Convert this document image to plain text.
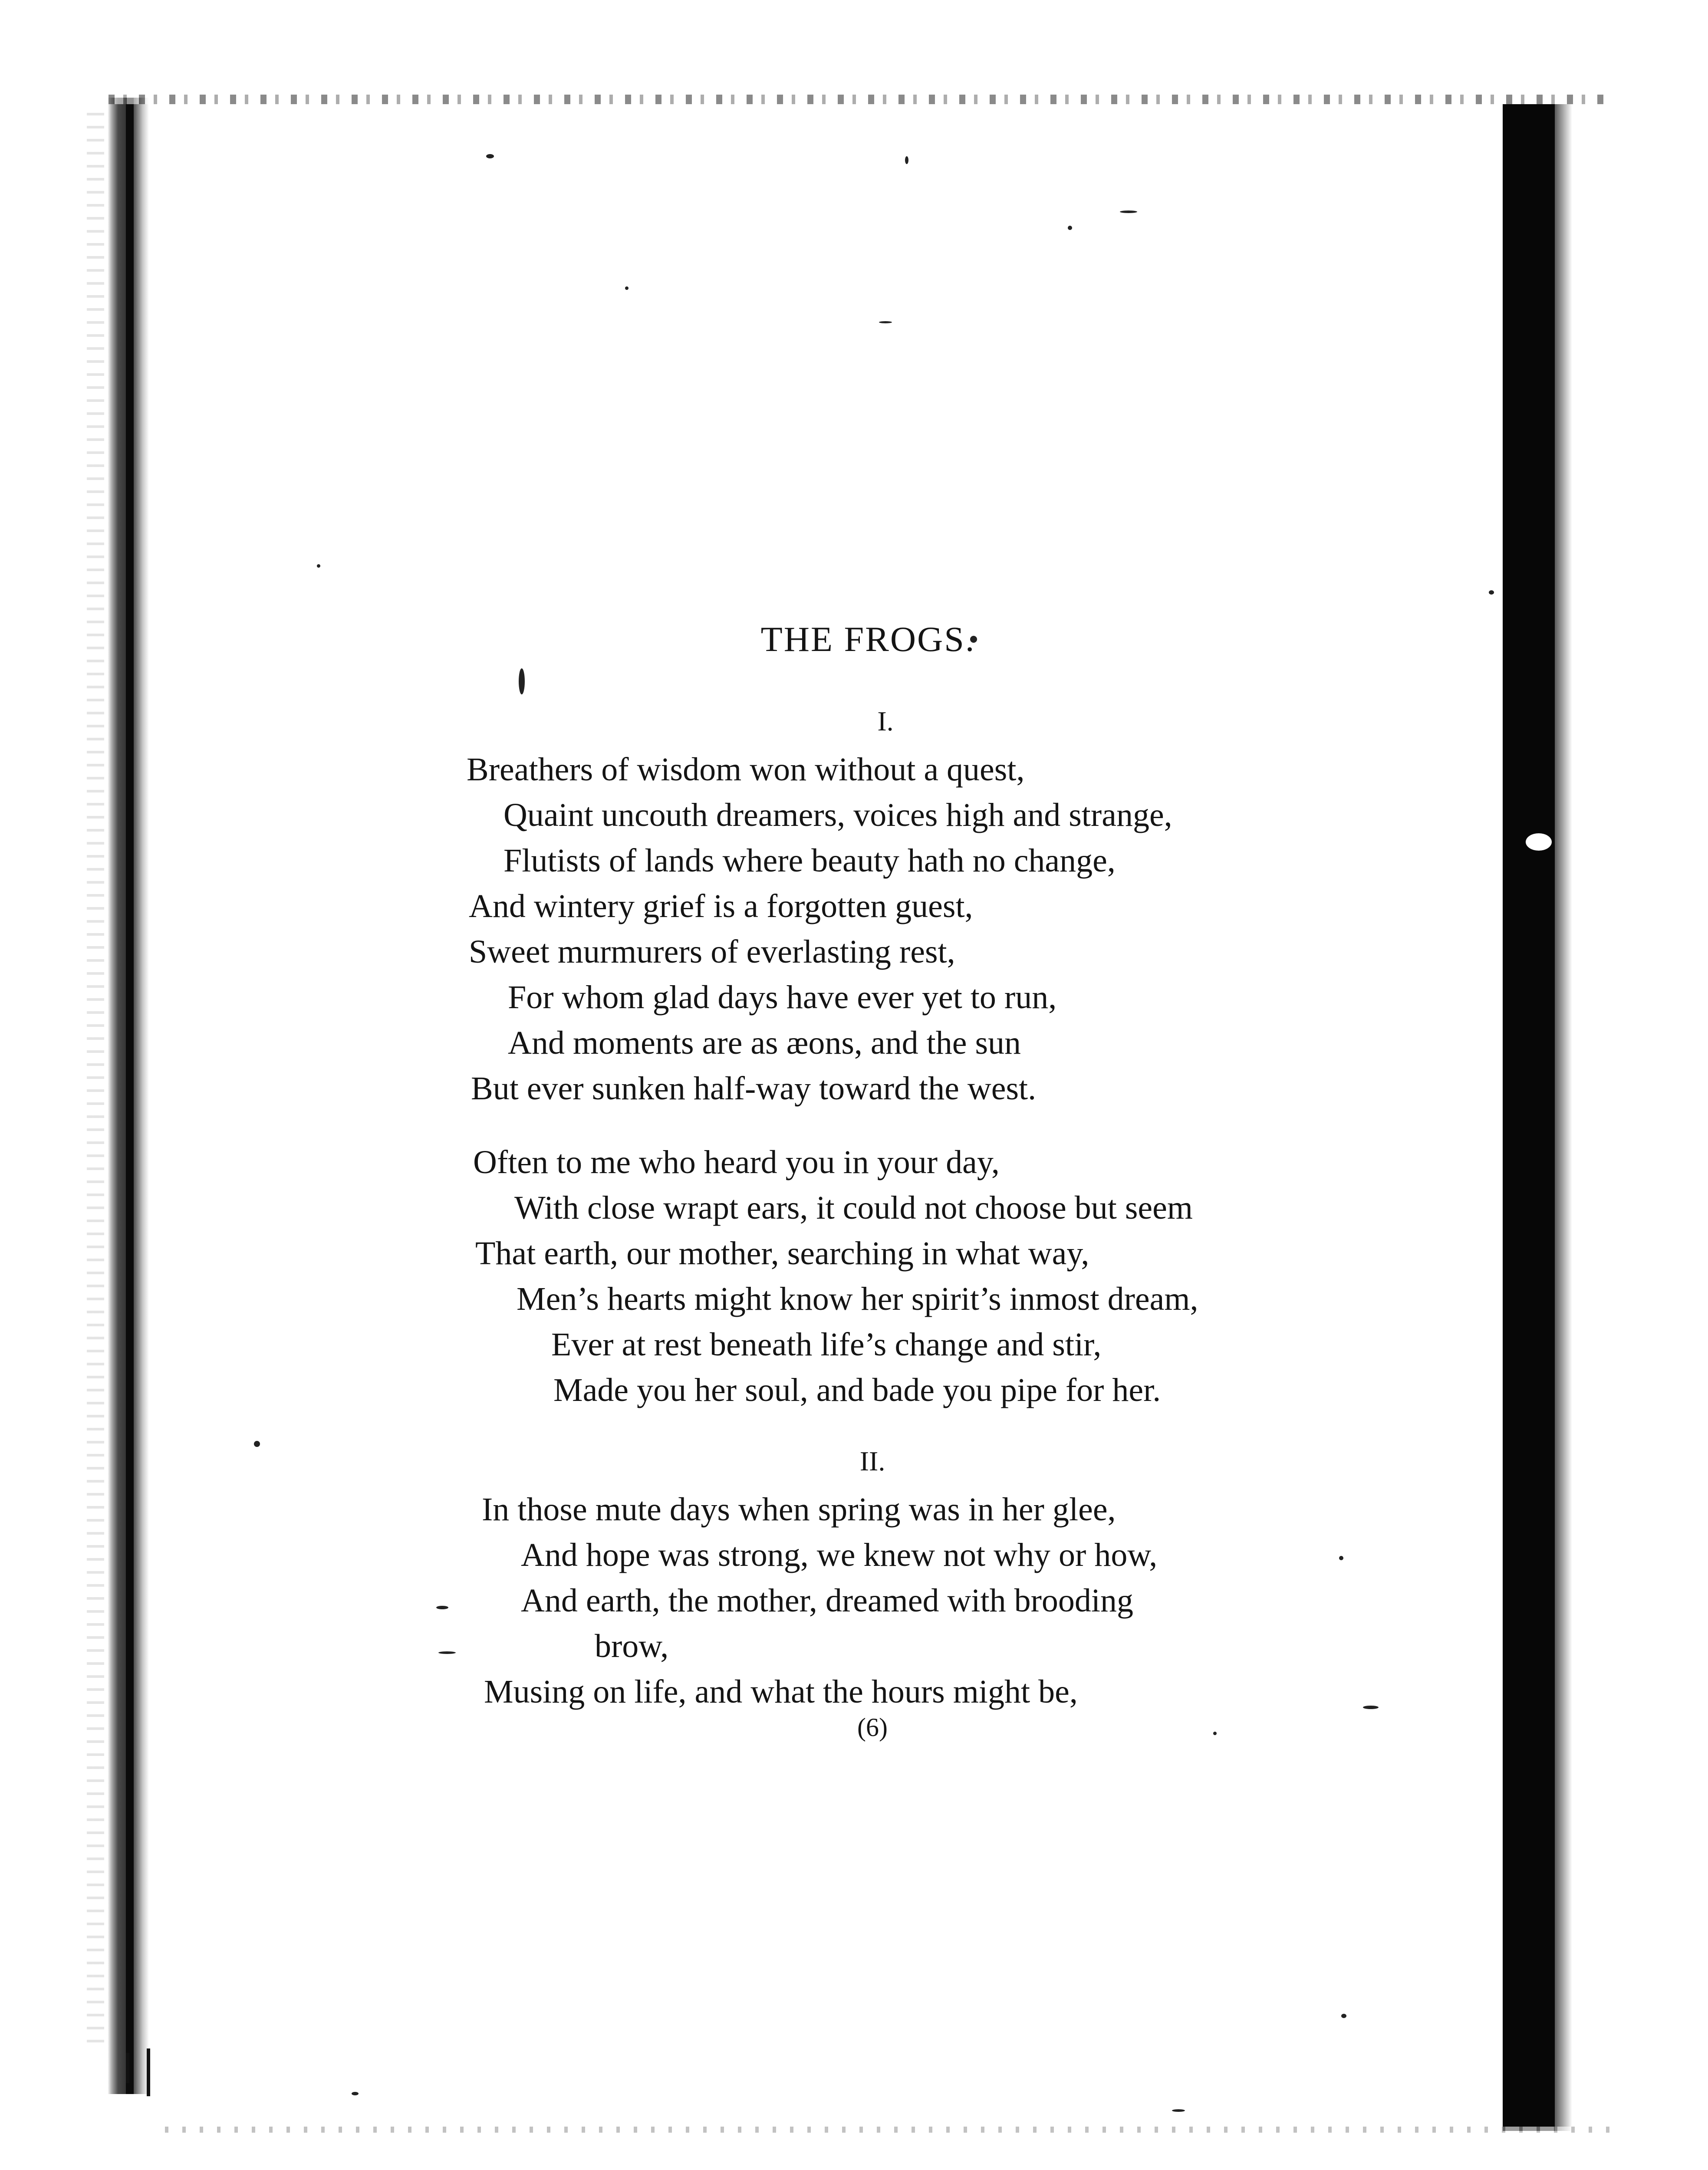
THE FROGS.
I.
Breathers of wisdom won without a quest,
Quaint uncouth dreamers, voices high and strange,
Flutists of lands where beauty hath no change,
And wintery grief is a forgotten guest,
Sweet murmurers of everlasting rest,
For whom glad days have ever yet to run,
And moments are as æons, and the sun
But ever sunken half-way toward the west.
Often to me who heard you in your day,
With close wrapt ears, it could not choose but seem
That earth, our mother, searching in what way,
Men’s hearts might know her spirit’s inmost dream,
Ever at rest beneath life’s change and stir,
Made you her soul, and bade you pipe for her.
II.
In those mute days when spring was in her glee,
And hope was strong, we knew not why or how,
And earth, the mother, dreamed with brooding
brow,
Musing on life, and what the hours might be,
(6)
